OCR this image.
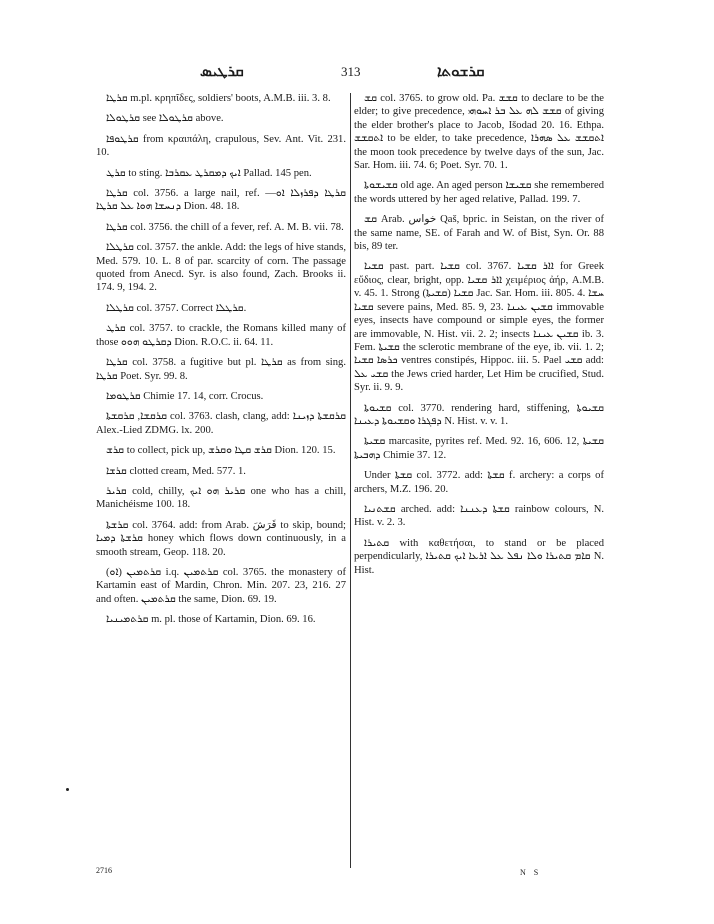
ܩܪܛܝܣ	313	ܩܪܫܘܬܐ

ܩܪܛܐ m.pl. κρηπῖδες, soldiers' boots, A.M.B. iii. 3. 8.

ܩܪܛܘܠܐ see ܩܪܛܘܠܐ above.

ܩܪܛܘܦܐ from κραιπάλη, crapulous, Sev. Ant. Vit. 231. 10.

ܩܪܛ to sting. ܐܝܟ ܕܡܩܪܛ ܥܩܪܒܐ Pallad. 145 pen.

ܩܪܛܐ col. 3756. a large nail, ref. —ܩܪܛܐ ܕܦܪܙܠܐ ܐܘ ܕܢܚܫܐ ܗܘܐ ܥܠ ܩܪܛܐ Dion. 48. 18.

ܩܪܛܐ col. 3756. the chill of a fever, ref. A. M. B. vii. 78.

ܩܪܛܠܐ col. 3757. the ankle. Add: the legs of hive stands, Med. 579. 10. L. 8 of par. scarcity of corn. The passage quoted from Anecd. Syr. is also found, Zach. Brooks ii. 174. 9, 194. 2.

ܩܪܛܠܐ col. 3757. Correct ܩܪܛܠܐ.

ܩܪܛ col. 3757. to crackle, the Romans killed many of those ܕܩܪܛܘ ܗܘܘ Dion. R.O.C. ii. 64. 11.

ܩܪܛܐ col. 3758. a fugitive but pl. ܩܪܛܐ as from sing. ܩܪܛܐ Poet. Syr. 99. 8.

ܩܪܛܘܡܐ Chimie 17. 14, corr. Crocus.

ܩܪܩܫܐ, ܩܪܩܫܬܐ col. 3763. clash, clang, add: ܩܪܩܫܬܐ ܕܙܝܢܐ Alex.-Lied ZDMG. lx. 200.

ܩܪܫ to collect, pick up, ܩܪܫ ܩܛܐ ܘܩܪܫ Dion. 120. 15.

ܩܪܫܐ clotted cream, Med. 577. 1.

ܩܪܝܪ cold, chilly, ܩܪܝܪ ܗܘ ܐܝܟ one who has a chill, Manichéisme 100. 18.

ܩܪܫܬܐ col. 3764. add: from Arab. قَرَشَ to skip, bound; ܩܪܫܬܐ ܕܡܝܐ honey which flows down continuously, in a smooth stream, Geop. 118. 20.

ܩܪܬܡܝܢ (ܐܘ) i.q. ܩܪܬܡܝܢ col. 3765. the monastery of Kartamin east of Mardin, Chron. Min. 207. 23, 216. 27 and often. ܩܪܬܡܝܢ the same, Dion. 69. 19.

ܩܪܬܡܝܢܝܐ m. pl. those of Kartamin, Dion. 69. 16.

ܩܫ col. 3765. to grow old. Pa. ܩܫܫ to declare to be the elder; to give precedence, ܩܫܫ ܠܗ ܥܠ ܒܪ ܐܚܘܗܝ of giving the elder brother's place to Jacob, Išodad 20. 16. Ethpa. ܐܬܩܫܫ to be elder, to take precedence, ܐܬܩܫܫ ܥܠ ܣܗܪܐ the moon took precedence by twelve days of the sun, Jac. Sar. Hom. iii. 74. 6; Poet. Syr. 70. 1.

ܩܫܝܫܘܬܐ old age. An aged person ܩܫܝܫܐ she remembered the words uttered by her aged relative, Pallad. 199. 7.

ܩܫ Arab. خواس Qaš, bpric. in Seistan, on the river of the same name, SE. of Farah and W. of Bist, Syn. Or. 88 bis, 89 ter.

ܩܫܝܐ past. part. ܩܫܝܐ col. 3767. ܐܐܪ ܩܫܝܐ for Greek εὔδιος, clear, bright, opp. ܐܐܪ ܩܫܝܐ χειμέριος ἀήρ, A.M.B. v. 45. 1. Strong ܩܫܝܐ (ܩܫܝܬܐ) Jac. Sar. Hom. iii. 805. 4. ܚܫܐ ܩܫܝܐ severe pains, Med. 85. 9, 23. ܩܫܝܢ ܥܝܢܐ immovable eyes, insects have compound or simple eyes, the former are immovable, N. Hist. vii. 2. 2; insects ܩܫܝܢ ܥܝܢܐ ib. 3. Fem. ܩܫܝܬܐ the sclerotic membrane of the eye, ib. vii. 1. 2; ܟܪܣܐ ܩܫܝܐ ventres constipés, Hippoc. iii. 5. Pael ܩܫܝ add: ܩܫܝ ܥܠ the Jews cried harder, Let Him be crucified, Stud. Syr. ii. 9. 9.

ܩܫܝܘܬܐ col. 3770. rendering hard, stiffening, ܩܫܝܘܬܐ ܕܦܓܪܐ ܘܩܫܝܘܬܐ ܕܥܝܢܐ N. Hist. v. v. 1.

ܩܫܝܬܐ marcasite, pyrites ref. Med. 92. 16, 606. 12, ܩܫܝܬܐ ܕܗܒܝܬܐ Chimie 37. 12.

Under ܩܫܬܐ col. 3772. add: ܩܫܬܐ f. archery: a corps of archers, M.Z. 196. 20.

ܩܫܬܢܝܐ arched. add: ܩܫܬܐ ܕܥܢܢܐ rainbow colours, N. Hist. v. 2. 3.

ܩܬܝܪܐ with καθετήσαι, to stand or be placed perpendicularly, ܩܐܡ ܩܬܝܪܐ ܘܠܐ ܢܦܠ ܥܠ ܐܪܥܐ ܐܝܟ ܩܬܝܪܐ N. Hist.

2716	N S
